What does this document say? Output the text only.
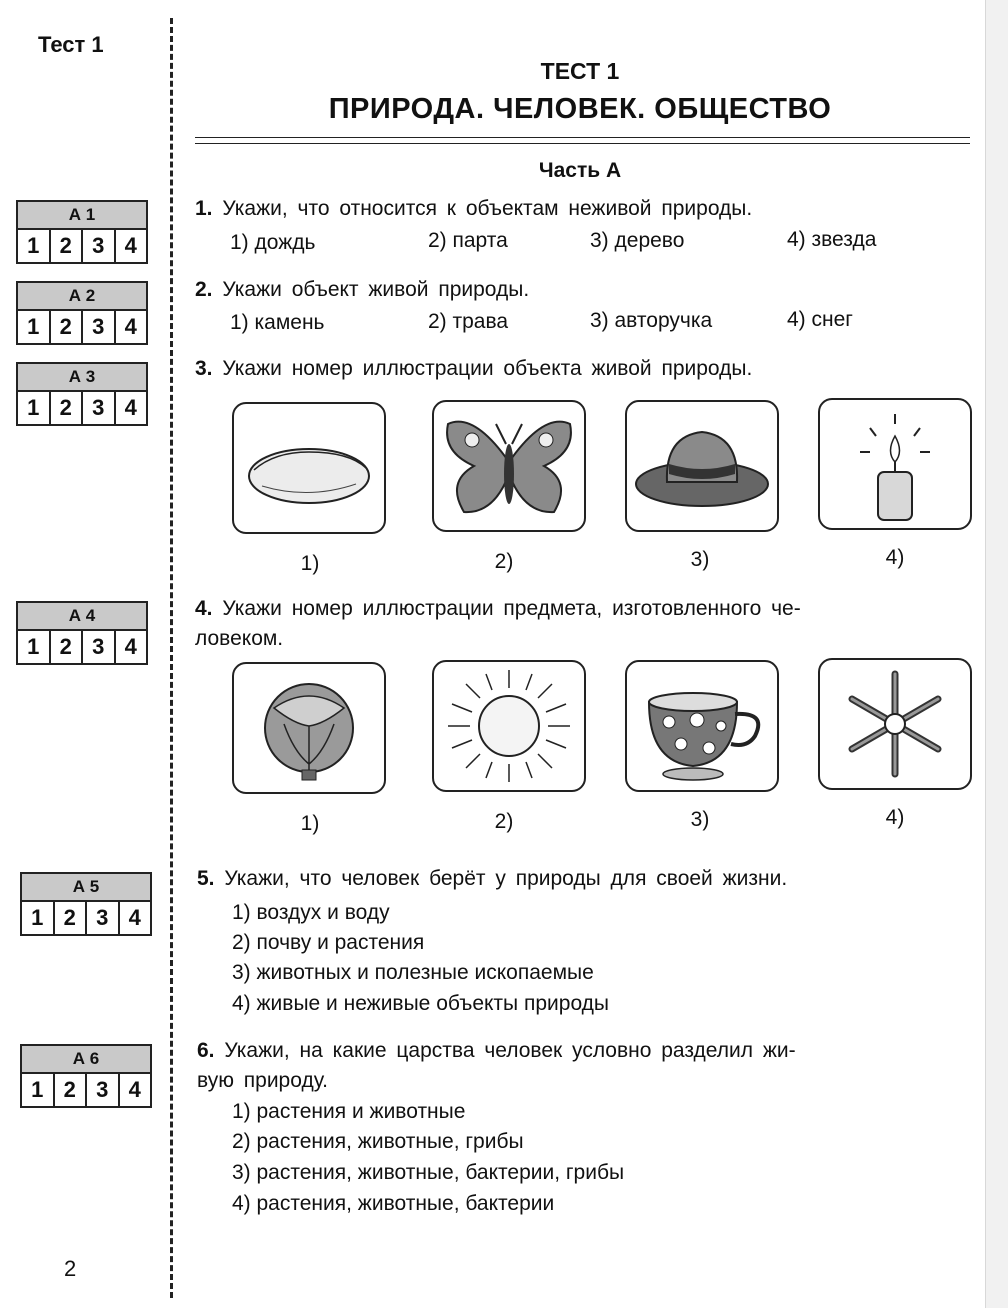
Тест 1
2
А 1
1 2 3 4
А 2
1 2 3 4
А 3
1 2 3 4
А 4
1 2 3 4
А 5
1 2 3 4
А 6
1 2 3 4
ТЕСТ 1
ПРИРОДА. ЧЕЛОВЕК. ОБЩЕСТВО
Часть А
1. Укажи, что относится к объектам неживой природы.
1) дождь	2) парта	3) дерево	4) звезда
2. Укажи объект живой природы.
1) камень	2) трава	3) авторучка	4) снег
3. Укажи номер иллюстрации объекта живой природы.
1)	2)	3)	4)
4. Укажи номер иллюстрации предмета, изготовленного че-
ловеком.
1)	2)	3)	4)
5. Укажи, что человек берёт у природы для своей жизни.
1) воздух и воду
2) почву и растения
3) животных и полезные ископаемые
4) живые и неживые объекты природы
6. Укажи, на какие царства человек условно разделил жи-
вую природу.
1) растения и животные
2) растения, животные, грибы
3) растения, животные, бактерии, грибы
4) растения, животные, бактерии
